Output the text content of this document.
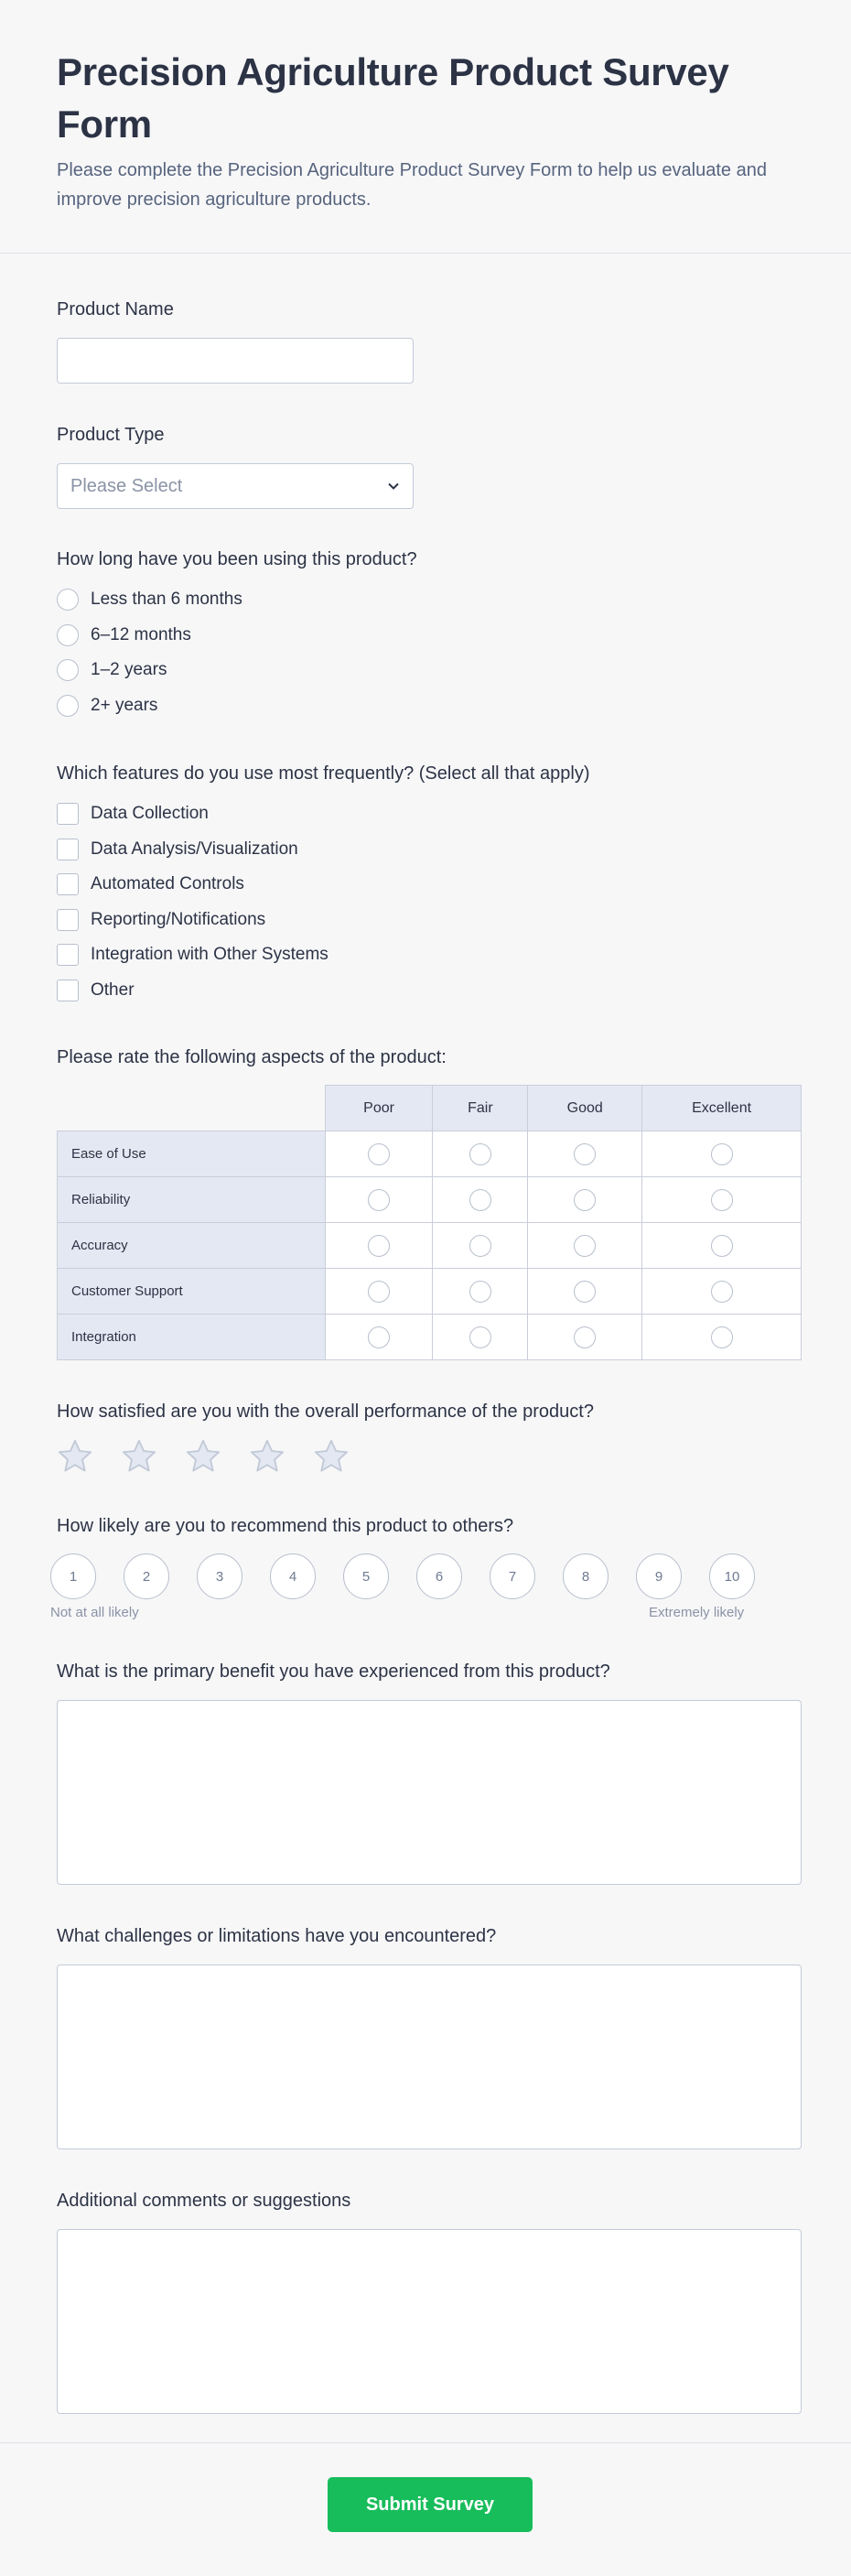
Precision Agriculture Product Survey Form
Please complete the Precision Agriculture Product Survey Form to help us evaluate and improve precision agriculture products.
Product Name
Product Type
Please Select
How long have you been using this product?
Less than 6 months
6–12 months
1–2 years
2+ years
Which features do you use most frequently? (Select all that apply)
Data Collection
Data Analysis/Visualization
Automated Controls
Reporting/Notifications
Integration with Other Systems
Other
Please rate the following aspects of the product:
	Poor	Fair	Good	Excellent
Ease of Use				
Reliability				
Accuracy				
Customer Support				
Integration				
How satisfied are you with the overall performance of the product?
How likely are you to recommend this product to others?
1	2	3	4	5	6	7	8	9	10
Not at all likely	Extremely likely
What is the primary benefit you have experienced from this product?
What challenges or limitations have you encountered?
Additional comments or suggestions
Submit Survey
